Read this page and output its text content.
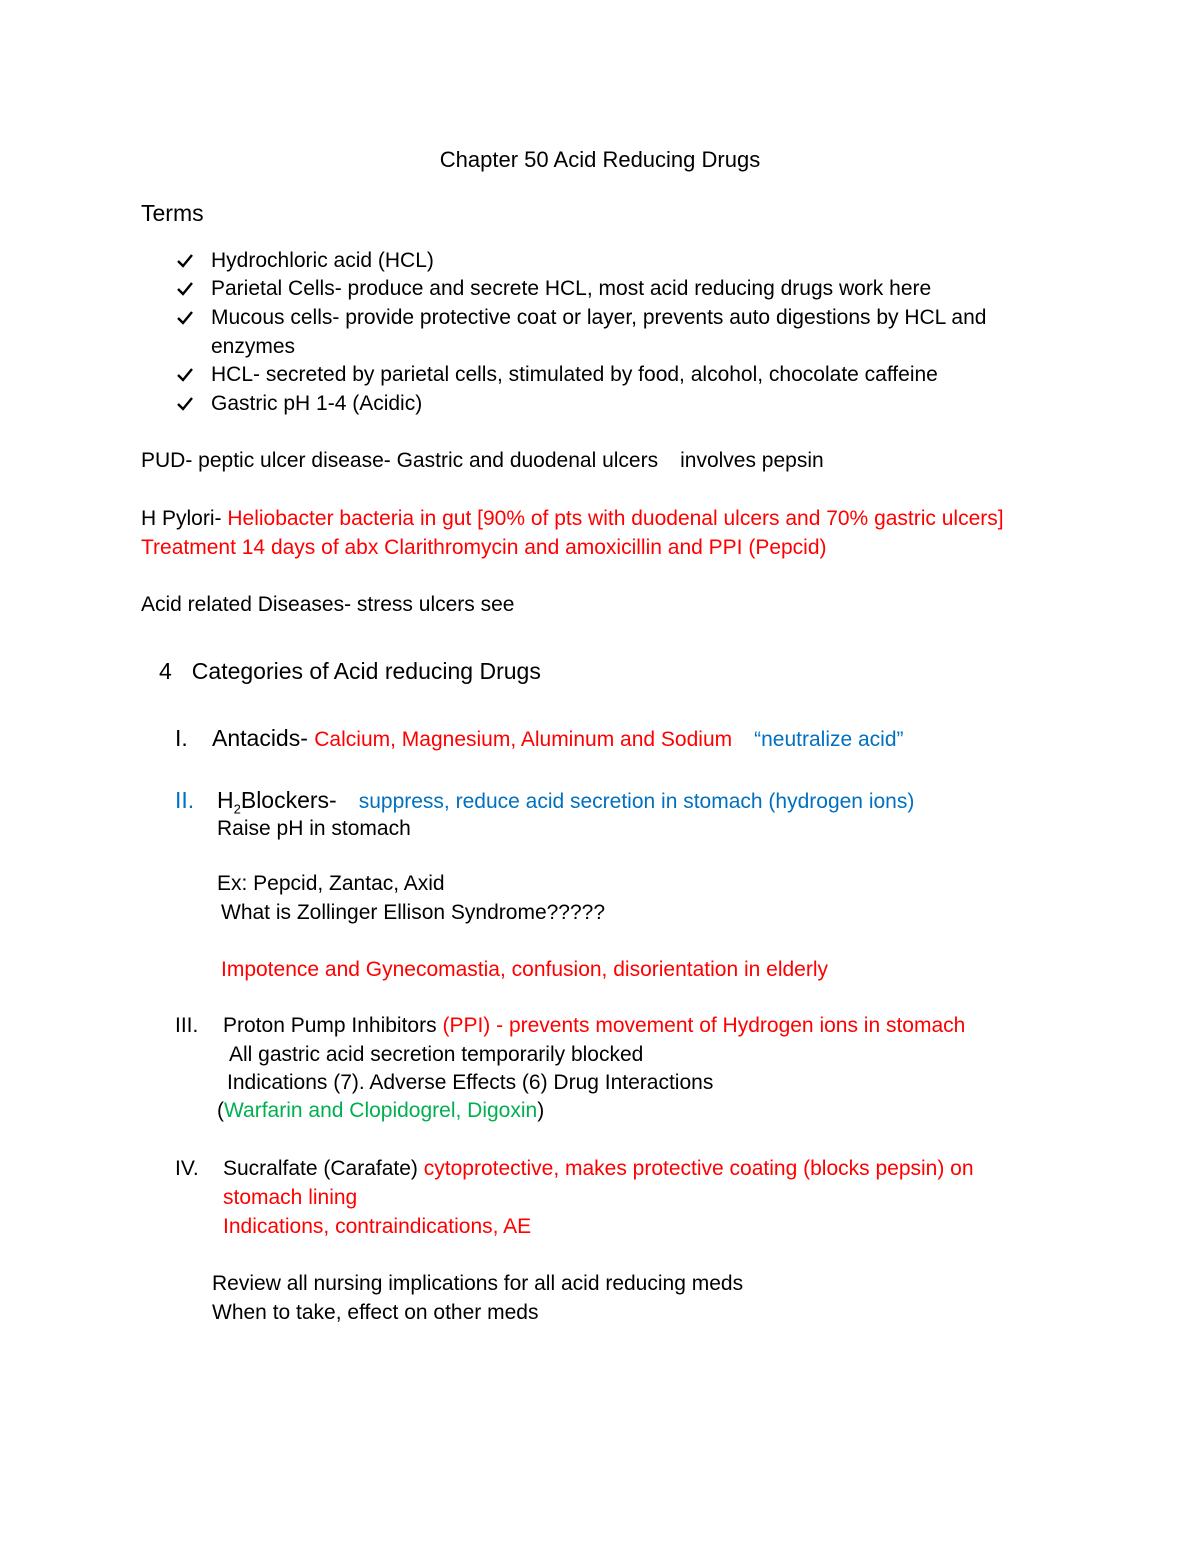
Chapter 50 Acid Reducing Drugs
Terms
Hydrochloric acid (HCL)
Parietal Cells- produce and secrete HCL, most acid reducing drugs work here
Mucous cells- provide protective coat or layer, prevents auto digestions by HCL and
enzymes
HCL- secreted by parietal cells, stimulated by food, alcohol, chocolate caffeine
Gastric pH 1-4 (Acidic)
PUD- peptic ulcer disease- Gastric and duodenal ulcers involves pepsin
H Pylori- Heliobacter bacteria in gut [90% of pts with duodenal ulcers and 70% gastric ulcers]
Treatment 14 days of abx Clarithromycin and amoxicillin and PPI (Pepcid)
Acid related Diseases- stress ulcers see
4 Categories of Acid reducing Drugs
I. Antacids- Calcium, Magnesium, Aluminum and Sodium “neutralize acid”
II. $H_2Blockers-$ suppress, reduce acid secretion in stomach (hydrogen ions)
Raise pH in stomach
Ex: Pepcid, Zantac, Axid
What is Zollinger Ellison Syndrome?????
Impotence and Gynecomastia, confusion, disorientation in elderly
III. Proton Pump Inhibitors (PPI) - prevents movement of Hydrogen ions in stomach
All gastric acid secretion temporarily blocked
Indications (7). Adverse Effects (6) Drug Interactions
(Warfarin and Clopidogrel, Digoxin)
IV. Sucralfate (Carafate) cytoprotective, makes protective coating (blocks pepsin) on
stomach lining
Indications, contraindications, AE
Review all nursing implications for all acid reducing meds
When to take, effect on other meds
